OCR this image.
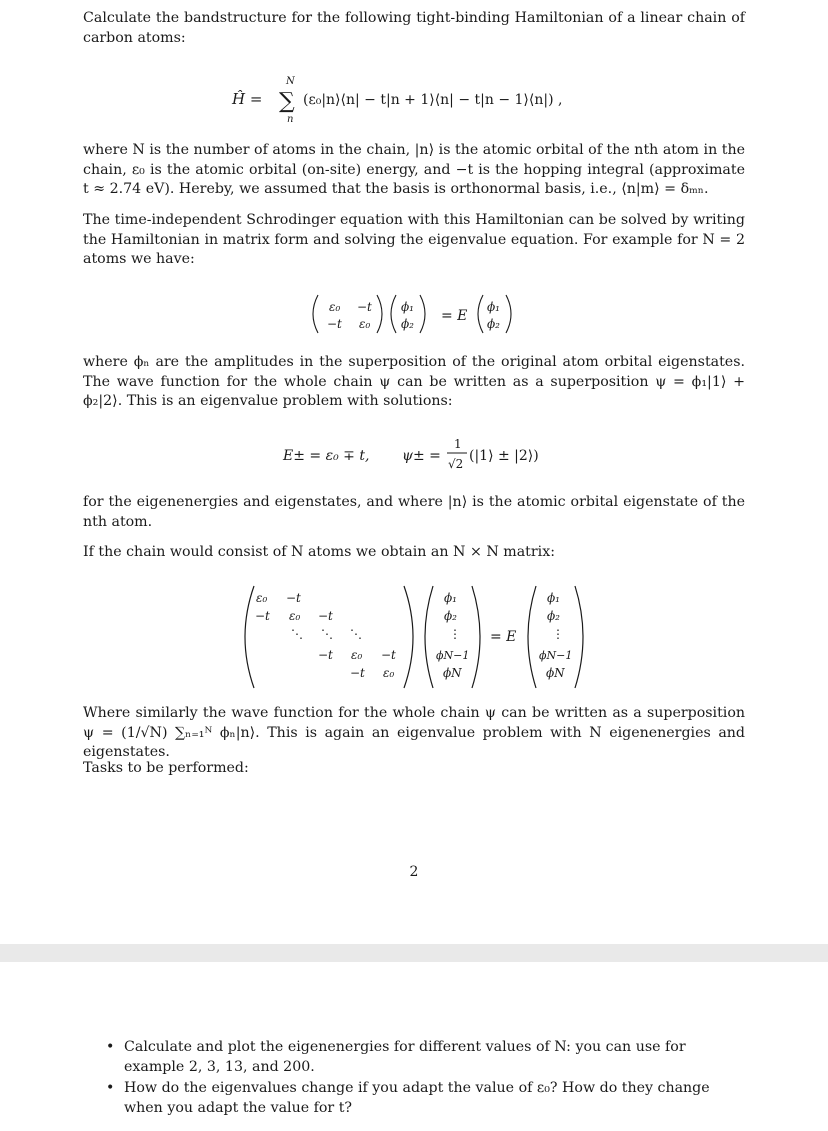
Calculate the bandstructure for the following tight-binding Hamiltonian of a linear chain of carbon atoms:

Ĥ =
N
∑
n
(ε₀|n⟩⟨n| − t|n + 1⟩⟨n| − t|n − 1⟩⟨n|) ,

where N is the number of atoms in the chain, |n⟩ is the atomic orbital of the nth atom in the chain, ε₀ is the atomic orbital (on-site) energy, and −t is the hopping integral (approximate t ≈ 2.74 eV). Hereby, we assumed that the basis is orthonormal basis, i.e., ⟨n|m⟩ = δₘₙ.

The time-independent Schrodinger equation with this Hamiltonian can be solved by writing the Hamiltonian in matrix form and solving the eigenvalue equation. For example for N = 2 atoms we have:

ε₀ −t
−t ε₀
ϕ₁
ϕ₂ = E
ϕ₁
ϕ₂

where ϕₙ are the amplitudes in the superposition of the original atom orbital eigenstates. The wave function for the whole chain ψ can be written as a superposition ψ = ϕ₁|1⟩ + ϕ₂|2⟩. This is an eigenvalue problem with solutions:

E± = ε₀ ∓ t, ψ± =
1
√2 (|1⟩ ± |2⟩)

for the eigenenergies and eigenstates, and where |n⟩ is the atomic orbital eigenstate of the nth atom.

If the chain would consist of N atoms we obtain an N × N matrix:

ε₀ −t
−t ε₀ −t
⋱ ⋱ ⋱
−t ε₀ −t
−t ε₀
ϕ₁
ϕ₂
⋮
ϕN−1
ϕN
= E
ϕ₁
ϕ₂
⋮
ϕN−1
ϕN

Where similarly the wave function for the whole chain ψ can be written as a superposition ψ = (1/√N) ∑ₙ₌₁ᴺ ϕₙ|n⟩. This is again an eigenvalue problem with N eigenenergies and eigenstates.

Tasks to be performed:

2
• Calculate and plot the eigenenergies for different values of N: you can use for example 2, 3, 13, and 200.
• How do the eigenvalues change if you adapt the value of ε₀? How do they change when you adapt the value for t?
